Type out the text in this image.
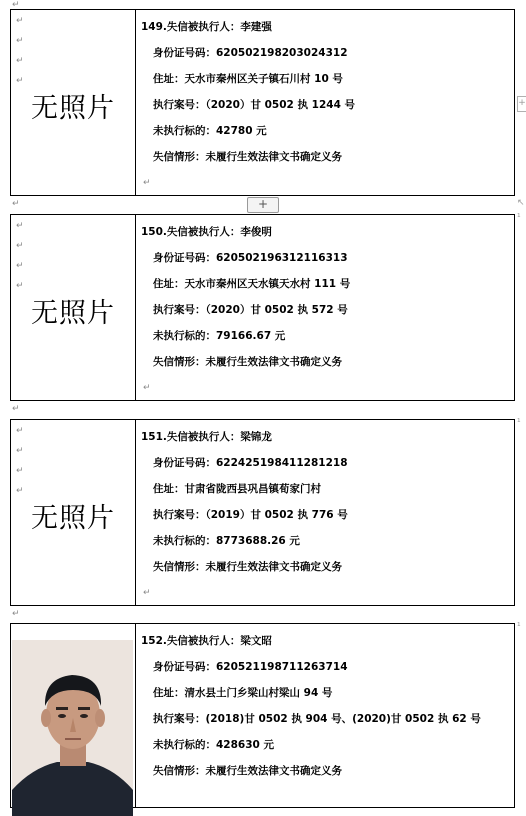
↵
↵
↵
↵
↵
无照片
149.失信被执行人：李建强
身份证号码：620502198203024312
住址：天水市秦州区关子镇石川村 10 号
执行案号：（2020）甘 0502 执 1244 号
未执行标的：42780 元
失信情形：未履行生效法律文书确定义务
↵
+
↵
↵
↵
↵
↵
无照片
150.失信被执行人：李俊明
身份证号码：620502196312116313
住址：天水市秦州区天水镇天水村 111 号
执行案号：（2020）甘 0502 执 572 号
未执行标的：79166.67 元
失信情形：未履行生效法律文书确定义务
↵
↵
↵
↵
↵
↵
无照片
151.失信被执行人：梁锦龙
身份证号码：622425198411281218
住址：甘肃省陇西县巩昌镇荀家门村
执行案号：（2019）甘 0502 执 776 号
未执行标的：8773688.26 元
失信情形：未履行生效法律文书确定义务
↵
↵
152.失信被执行人：梁文昭
身份证号码：620521198711263714
住址：清水县土门乡梁山村梁山 94 号
执行案号：(2018)甘 0502 执 904 号、(2020)甘 0502 执 62 号
未执行标的：428630 元
失信情形：未履行生效法律文书确定义务
+
↖
¹
¹
¹
